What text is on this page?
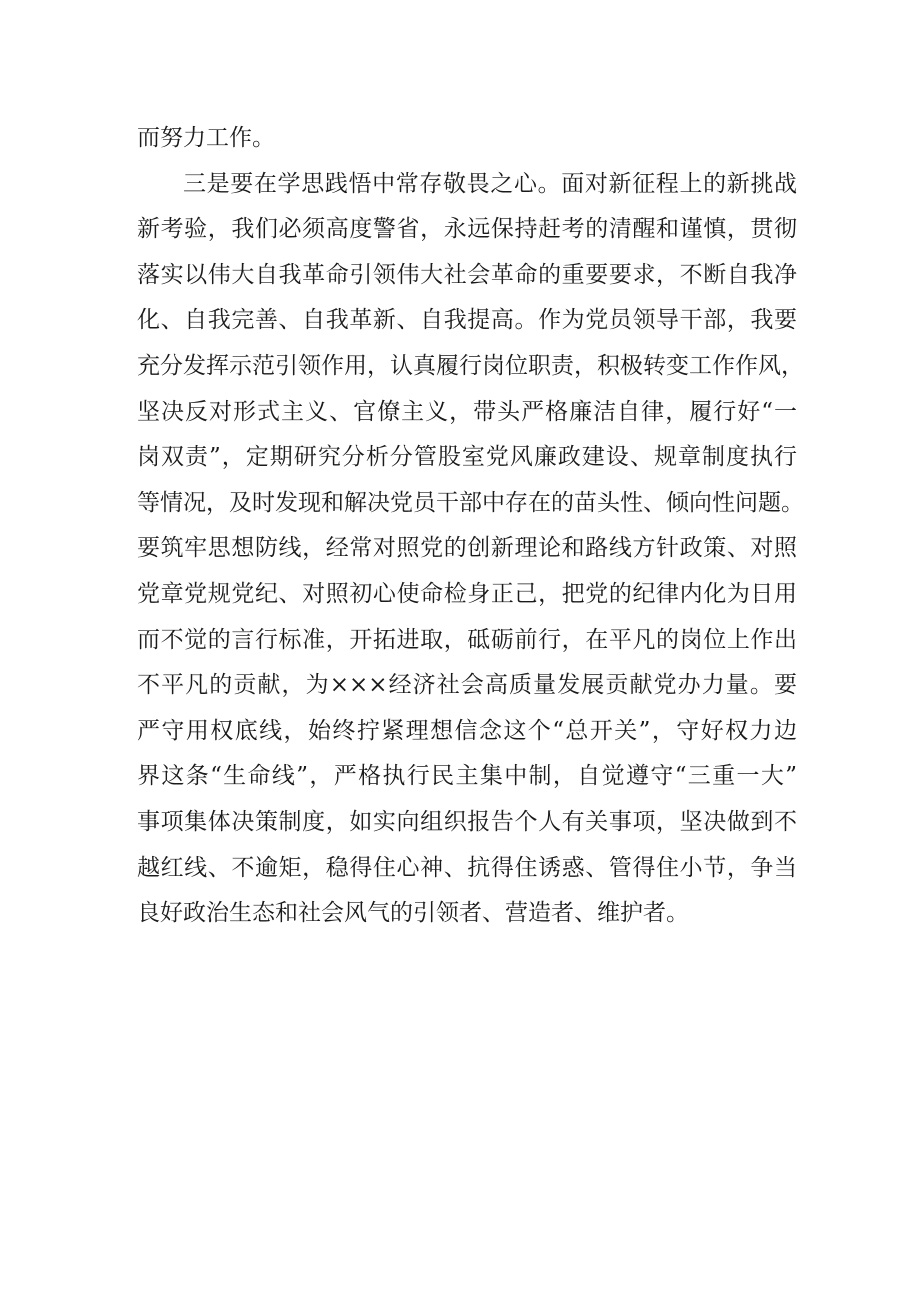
而努力工作。
三是要在学思践悟中常存敬畏之心。面对新征程上的新挑战
新考验，我们必须高度警省，永远保持赶考的清醒和谨慎，贯彻
落实以伟大自我革命引领伟大社会革命的重要要求，不断自我净
化、自我完善、自我革新、自我提高。作为党员领导干部，我要
充分发挥示范引领作用，认真履行岗位职责，积极转变工作作风，
坚决反对形式主义、官僚主义，带头严格廉洁自律，履行好“一
岗双责”，定期研究分析分管股室党风廉政建设、规章制度执行
等情况，及时发现和解决党员干部中存在的苗头性、倾向性问题。
要筑牢思想防线，经常对照党的创新理论和路线方针政策、对照
党章党规党纪、对照初心使命检身正己，把党的纪律内化为日用
而不觉的言行标准，开拓进取，砥砺前行，在平凡的岗位上作出
不平凡的贡献，为×××经济社会高质量发展贡献党办力量。要
严守用权底线，始终拧紧理想信念这个“总开关”，守好权力边
界这条“生命线”，严格执行民主集中制，自觉遵守“三重一大”
事项集体决策制度，如实向组织报告个人有关事项，坚决做到不
越红线、不逾矩，稳得住心神、抗得住诱惑、管得住小节，争当
良好政治生态和社会风气的引领者、营造者、维护者。
